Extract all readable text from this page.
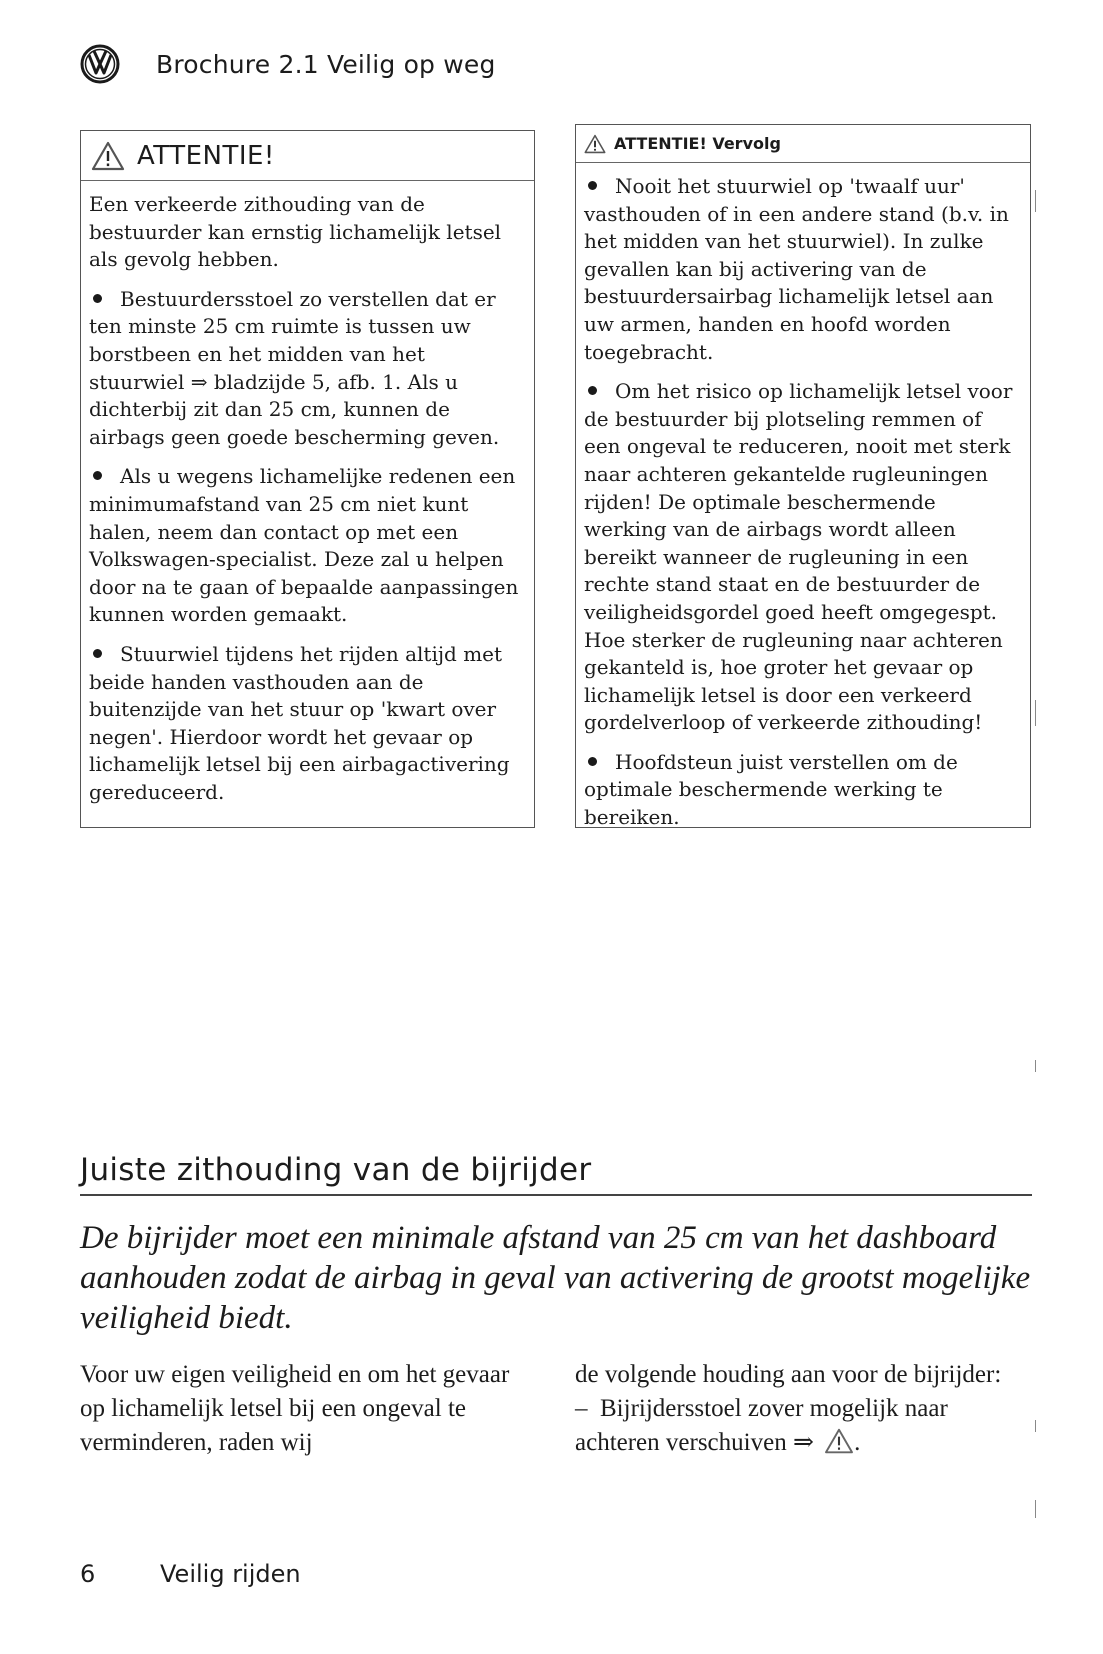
Brochure 2.1 Veilig op weg
ATTENTIE!

Een verkeerde zithouding van de bestuurder kan ernstig lichamelijk letsel als gevolg hebben.

Bestuurdersstoel zo verstellen dat er ten minste 25 cm ruimte is tussen uw borstbeen en het midden van het stuurwiel ⇒ bladzijde 5, afb. 1. Als u dichterbij zit dan 25 cm, kunnen de airbags geen goede bescherming geven.

Als u wegens lichamelijke redenen een minimumafstand van 25 cm niet kunt halen, neem dan contact op met een Volkswagen-specialist. Deze zal u helpen door na te gaan of bepaalde aanpassingen kunnen worden gemaakt.

Stuurwiel tijdens het rijden altijd met beide handen vasthouden aan de buitenzijde van het stuur op 'kwart over negen'. Hierdoor wordt het gevaar op lichamelijk letsel bij een airbagactivering gereduceerd.

ATTENTIE! Vervolg

Nooit het stuurwiel op 'twaalf uur' vasthouden of in een andere stand (b.v. in het midden van het stuurwiel). In zulke gevallen kan bij activering van de bestuurdersairbag lichamelijk letsel aan uw armen, handen en hoofd worden toegebracht.

Om het risico op lichamelijk letsel voor de bestuurder bij plotseling remmen of een ongeval te reduceren, nooit met sterk naar achteren gekantelde rugleuningen rijden! De optimale beschermende werking van de airbags wordt alleen bereikt wanneer de rugleuning in een rechte stand staat en de bestuurder de veiligheidsgordel goed heeft omgegespt. Hoe sterker de rugleuning naar achteren gekanteld is, hoe groter het gevaar op lichamelijk letsel is door een verkeerd gordelverloop of verkeerde zithouding!

Hoofdsteun juist verstellen om de optimale beschermende werking te bereiken.

Juiste zithouding van de bijrijder
De bijrijder moet een minimale afstand van 25 cm van het dashboard aanhouden zodat de airbag in geval van activering de grootst mogelijke veiligheid biedt.
Voor uw eigen veiligheid en om het gevaar op lichamelijk letsel bij een ongeval te verminderen, raden wij

de volgende houding aan voor de bijrijder:

– Bijrijdersstoel zover mogelijk naar achteren verschuiven ⇒ .

6	Veilig rijden
